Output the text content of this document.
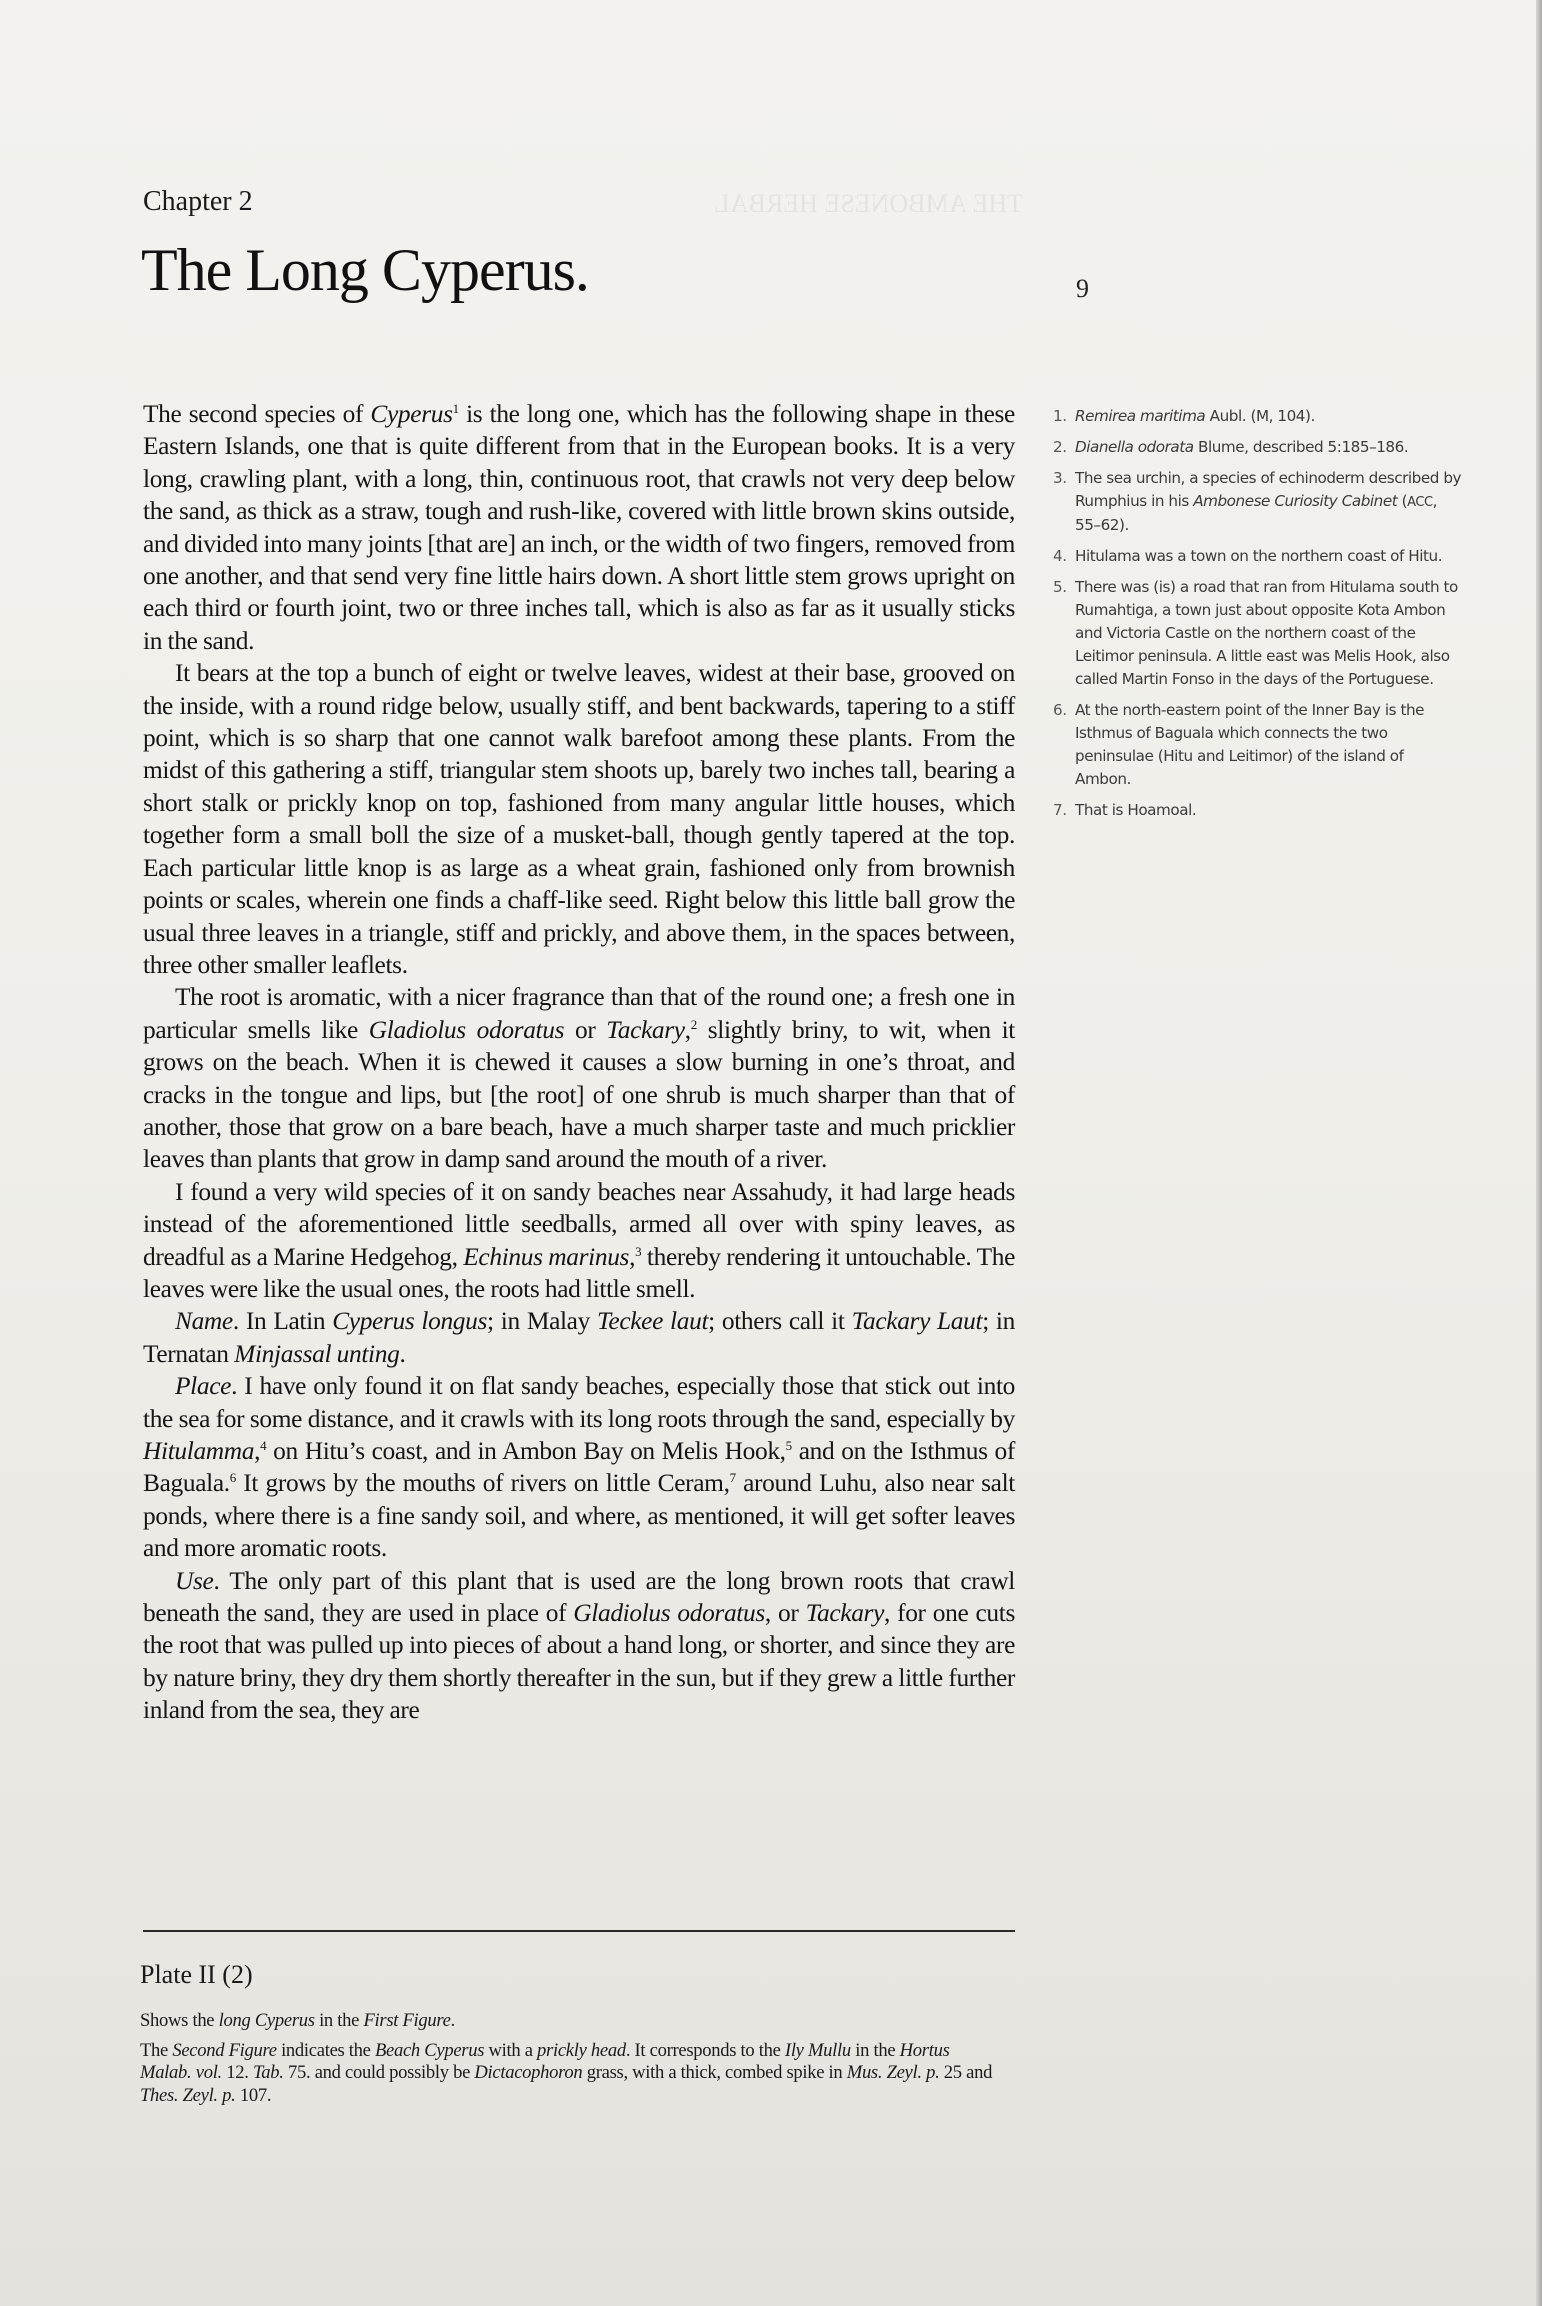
THE AMBONESE HERBAL
Chapter 2
The Long Cyperus.	9

The second species of Cyperus$^1$ is the long one, which has the following shape in these Eastern Islands, one that is quite different from that in the European books. It is a very long, crawling plant, with a long, thin, continuous root, that crawls not very deep below the sand, as thick as a straw, tough and rush-like, covered with little brown skins outside, and divided into many joints [that are] an inch, or the width of two fingers, removed from one another, and that send very fine little hairs down. A short little stem grows upright on each third or fourth joint, two or three inches tall, which is also as far as it usually sticks in the sand.

It bears at the top a bunch of eight or twelve leaves, widest at their base, grooved on the inside, with a round ridge below, usually stiff, and bent backwards, tapering to a stiff point, which is so sharp that one cannot walk barefoot among these plants. From the midst of this gathering a stiff, triangular stem shoots up, barely two inches tall, bearing a short stalk or prickly knop on top, fashioned from many angular little houses, which together form a small boll the size of a musket-ball, though gently tapered at the top. Each particular little knop is as large as a wheat grain, fashioned only from brownish points or scales, wherein one finds a chaff-like seed. Right below this little ball grow the usual three leaves in a triangle, stiff and prickly, and above them, in the spaces between, three other smaller leaflets.

The root is aromatic, with a nicer fragrance than that of the round one; a fresh one in particular smells like Gladiolus odoratus or Tackary,$^2$ slightly briny, to wit, when it grows on the beach. When it is chewed it causes a slow burning in one’s throat, and cracks in the tongue and lips, but [the root] of one shrub is much sharper than that of another, those that grow on a bare beach, have a much sharper taste and much pricklier leaves than plants that grow in damp sand around the mouth of a river.

I found a very wild species of it on sandy beaches near Assahudy, it had large heads instead of the aforementioned little seedballs, armed all over with spiny leaves, as dreadful as a Marine Hedgehog, Echinus marinus,$^3$ thereby rendering it untouchable. The leaves were like the usual ones, the roots had little smell.

Name. In Latin Cyperus longus; in Malay Teckee laut; others call it Tackary Laut; in Ternatan Minjassal unting.

Place. I have only found it on flat sandy beaches, especially those that stick out into the sea for some distance, and it crawls with its long roots through the sand, especially by Hitulamma,$^4$ on Hitu’s coast, and in Ambon Bay on Melis Hook,$^5$ and on the Isthmus of Baguala.$^6$ It grows by the mouths of rivers on little Ceram,$^7$ around Luhu, also near salt ponds, where there is a fine sandy soil, and where, as mentioned, it will get softer leaves and more aromatic roots.

Use. The only part of this plant that is used are the long brown roots that crawl beneath the sand, they are used in place of Gladiolus odoratus, or Tackary, for one cuts the root that was pulled up into pieces of about a hand long, or shorter, and since they are by nature briny, they dry them shortly thereafter in the sun, but if they grew a little further inland from the sea, they are

Plate II (2)

Shows the long Cyperus in the First Figure.

The Second Figure indicates the Beach Cyperus with a prickly head. It corresponds to the Ily Mullu in the Hortus Malab. vol. 12. Tab. 75. and could possibly be Dictacophoron grass, with a thick, combed spike in Mus. Zeyl. p. 25 and Thes. Zeyl. p. 107.

1. Remirea maritima Aubl. (M, 104).
2. Dianella odorata Blume, described 5:185–186.
3. The sea urchin, a species of echinoderm described by Rumphius in his Ambonese Curiosity Cabinet (ACC, 55–62).
4. Hitulama was a town on the northern coast of Hitu.
5. There was (is) a road that ran from Hitulama south to Rumahtiga, a town just about opposite Kota Ambon and Victoria Castle on the northern coast of the Leitimor peninsula. A little east was Melis Hook, also called Martin Fonso in the days of the Portuguese.
6. At the north-eastern point of the Inner Bay is the Isthmus of Baguala which connects the two peninsulae (Hitu and Leitimor) of the island of Ambon.
7. That is Hoamoal.
